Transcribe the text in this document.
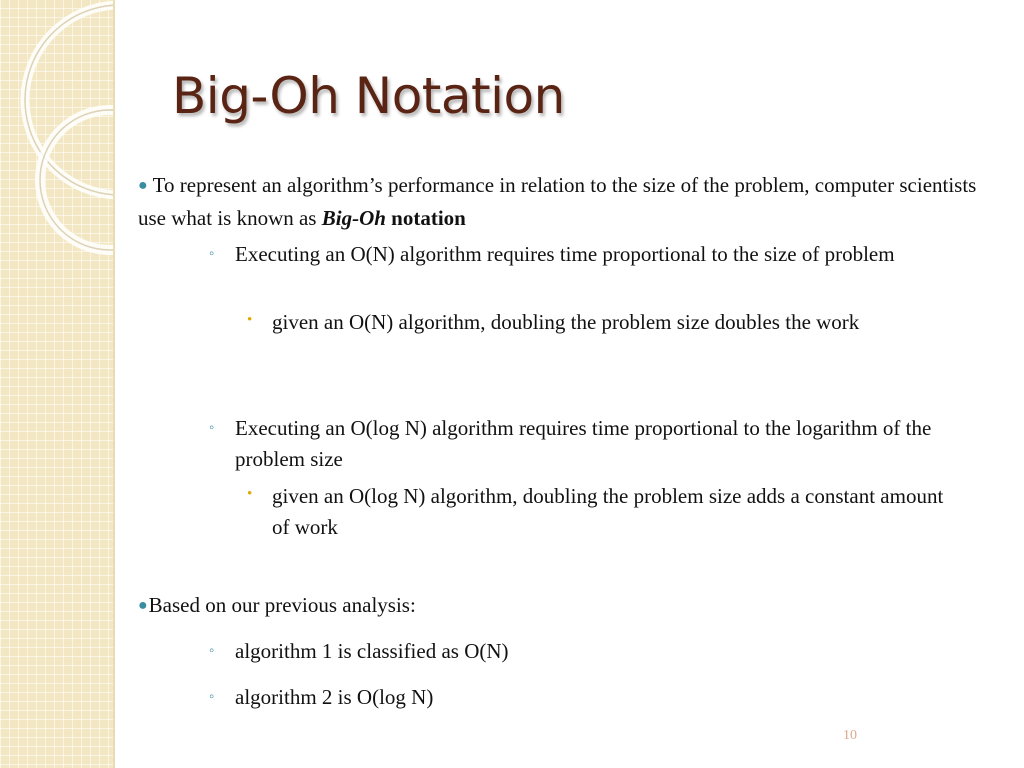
Big-Oh Notation
● To represent an algorithm’s performance in relation to the size of the problem, computer scientists use what is known as Big-Oh notation
◦ Executing an O(N) algorithm requires time proportional to the size of problem
• given an O(N) algorithm, doubling the problem size doubles the work
◦ Executing an O(log N) algorithm requires time proportional to the logarithm of the problem size
• given an O(log N) algorithm, doubling the problem size adds a constant amount of work
●Based on our previous analysis:
◦ algorithm 1 is classified as O(N)
◦ algorithm 2 is O(log N)
10
